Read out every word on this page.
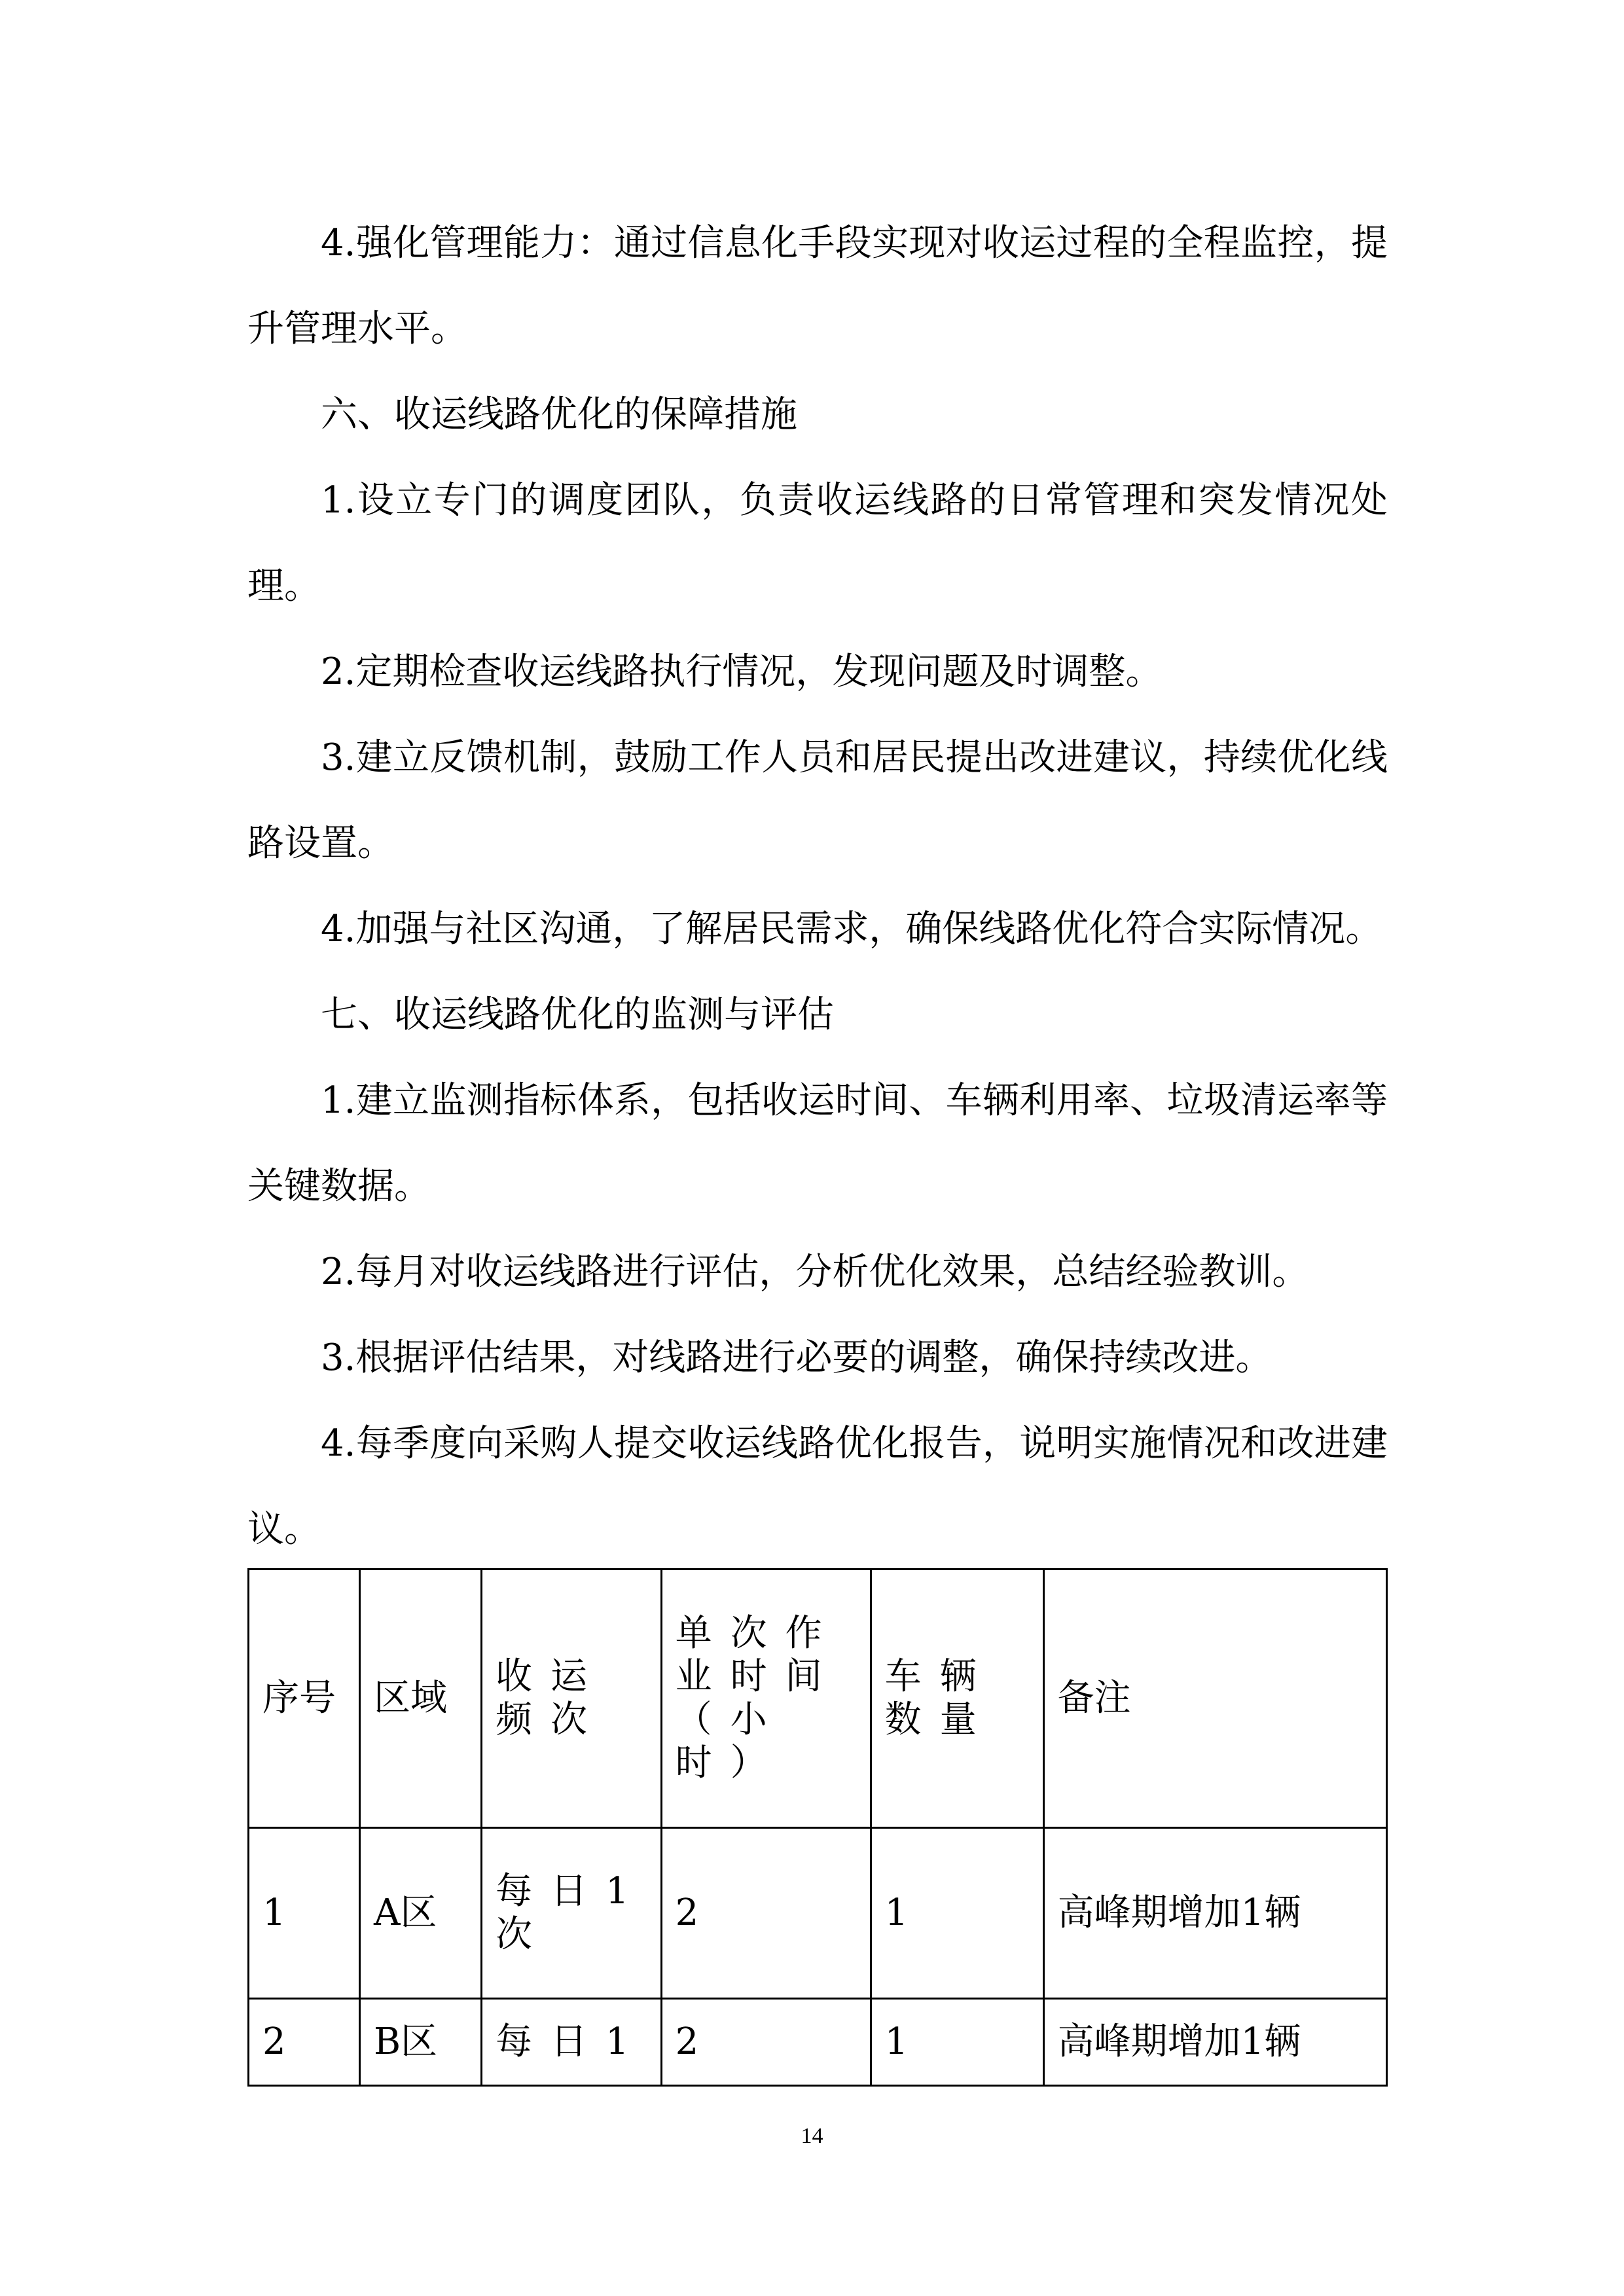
4.强化管理能力：通过信息化手段实现对收运过程的全程监控，提升管理水平。

六、收运线路优化的保障措施

1.设立专门的调度团队，负责收运线路的日常管理和突发情况处理。

2.定期检查收运线路执行情况，发现问题及时调整。

3.建立反馈机制，鼓励工作人员和居民提出改进建议，持续优化线路设置。

4.加强与社区沟通，了解居民需求，确保线路优化符合实际情况。

七、收运线路优化的监测与评估

1.建立监测指标体系，包括收运时间、车辆利用率、垃圾清运率等关键数据。

2.每月对收运线路进行评估，分析优化效果，总结经验教训。

3.根据评估结果，对线路进行必要的调整，确保持续改进。

4.每季度向采购人提交收运线路优化报告，说明实施情况和改进建议。

序号	区域	收运频次	单次作业时间（小时）	车辆数量	备注
1	A区	每日1次	2	1	高峰期增加1辆
2	B区	每日1	2	1	高峰期增加1辆
14
